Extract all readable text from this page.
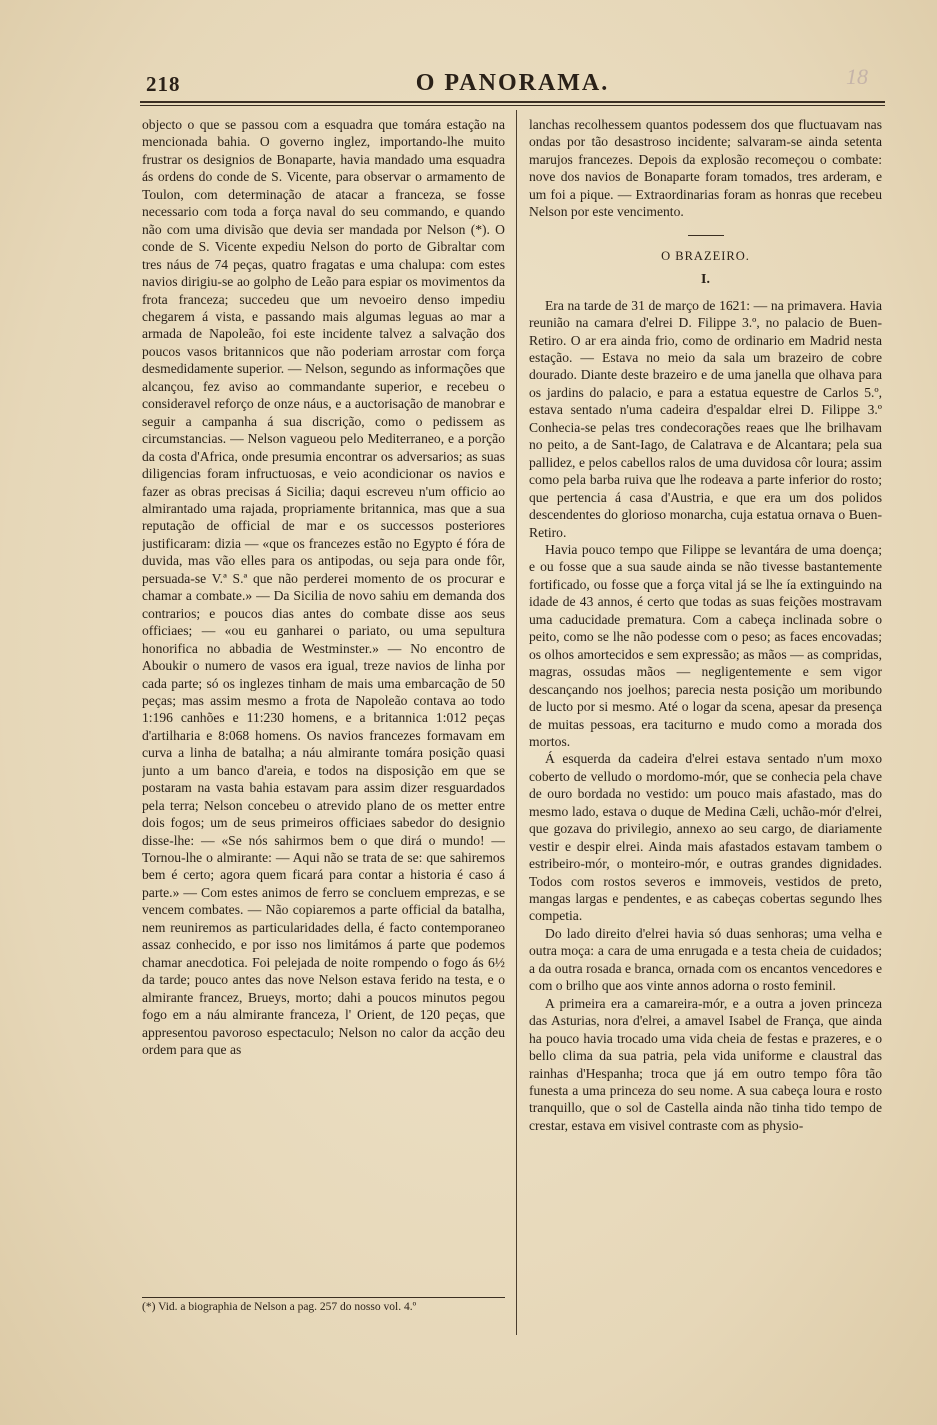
218	O PANORAMA.	18

objecto o que se passou com a esquadra que tomára estação na mencionada bahia. O governo inglez, importando-lhe muito frustrar os designios de Bonaparte, havia mandado uma esquadra ás ordens do conde de S. Vicente, para observar o armamento de Toulon, com determinação de atacar a franceza, se fosse necessario com toda a força naval do seu commando, e quando não com uma divisão que devia ser mandada por Nelson (*). O conde de S. Vicente expediu Nelson do porto de Gibraltar com tres náus de 74 peças, quatro fragatas e uma chalupa: com estes navios dirigiu-se ao golpho de Leão para espiar os movimentos da frota franceza; succedeu que um nevoeiro denso impediu chegarem á vista, e passando mais algumas leguas ao mar a armada de Napoleão, foi este incidente talvez a salvação dos poucos vasos britannicos que não poderiam arrostar com força desmedidamente superior. — Nelson, segundo as informações que alcançou, fez aviso ao commandante superior, e recebeu o consideravel reforço de onze náus, e a auctorisação de manobrar e seguir a campanha á sua discrição, como o pedissem as circumstancias. — Nelson vagueou pelo Mediterraneo, e a porção da costa d'Africa, onde presumia encontrar os adversarios; as suas diligencias foram infructuosas, e veio acondicionar os navios e fazer as obras precisas á Sicilia; daqui escreveu n'um officio ao almirantado uma rajada, propriamente britannica, mas que a sua reputação de official de mar e os successos posteriores justificaram: dizia — «que os francezes estão no Egypto é fóra de duvida, mas vão elles para os antipodas, ou seja para onde fôr, persuada-se V.ª S.ª que não perderei momento de os procurar e chamar a combate.» — Da Sicilia de novo sahiu em demanda dos contrarios; e poucos dias antes do combate disse aos seus officiaes; — «ou eu ganharei o pariato, ou uma sepultura honorifica no abbadia de Westminster.» — No encontro de Aboukir o numero de vasos era igual, treze navios de linha por cada parte; só os inglezes tinham de mais uma embarcação de 50 peças; mas assim mesmo a frota de Napoleão contava ao todo 1:196 canhões e 11:230 homens, e a britannica 1:012 peças d'artilharia e 8:068 homens. Os navios francezes formavam em curva a linha de batalha; a náu almirante tomára posição quasi junto a um banco d'areia, e todos na disposição em que se postaram na vasta bahia estavam para assim dizer resguardados pela terra; Nelson concebeu o atrevido plano de os metter entre dois fogos; um de seus primeiros officiaes sabedor do designio disse-lhe: — «Se nós sahirmos bem o que dirá o mundo! — Tornou-lhe o almirante: — Aqui não se trata de se: que sahiremos bem é certo; agora quem ficará para contar a historia é caso á parte.» — Com estes animos de ferro se concluem emprezas, e se vencem combates. — Não copiaremos a parte official da batalha, nem reuniremos as particularidades della, é facto contemporaneo assaz conhecido, e por isso nos limitámos á parte que podemos chamar anecdotica. Foi pelejada de noite rompendo o fogo ás 6½ da tarde; pouco antes das nove Nelson estava ferido na testa, e o almirante francez, Brueys, morto; dahi a poucos minutos pegou fogo em a náu almirante franceza, l' Orient, de 120 peças, que appresentou pavoroso espectaculo; Nelson no calor da acção deu ordem para que as

lanchas recolhessem quantos podessem dos que fluctuavam nas ondas por tão desastroso incidente; salvaram-se ainda setenta marujos francezes. Depois da explosão recomeçou o combate: nove dos navios de Bonaparte foram tomados, tres arderam, e um foi a pique. — Extraordinarias foram as honras que recebeu Nelson por este vencimento.

O BRAZEIRO.
I.

Era na tarde de 31 de março de 1621: — na primavera. Havia reunião na camara d'elrei D. Filippe 3.º, no palacio de Buen-Retiro. O ar era ainda frio, como de ordinario em Madrid nesta estação. — Estava no meio da sala um brazeiro de cobre dourado. Diante deste brazeiro e de uma janella que olhava para os jardins do palacio, e para a estatua equestre de Carlos 5.º, estava sentado n'uma cadeira d'espaldar elrei D. Filippe 3.º Conhecia-se pelas tres condecorações reaes que lhe brilhavam no peito, a de Sant-Iago, de Calatrava e de Alcantara; pela sua pallidez, e pelos cabellos ralos de uma duvidosa côr loura; assim como pela barba ruiva que lhe rodeava a parte inferior do rosto; que pertencia á casa d'Austria, e que era um dos polidos descendentes do glorioso monarcha, cuja estatua ornava o Buen-Retiro.

Havia pouco tempo que Filippe se levantára de uma doença; e ou fosse que a sua saude ainda se não tivesse bastantemente fortificado, ou fosse que a força vital já se lhe ía extinguindo na idade de 43 annos, é certo que todas as suas feições mostravam uma caducidade prematura. Com a cabeça inclinada sobre o peito, como se lhe não podesse com o peso; as faces encovadas; os olhos amortecidos e sem expressão; as mãos — as compridas, magras, ossudas mãos — negligentemente e sem vigor descançando nos joelhos; parecia nesta posição um moribundo de lucto por si mesmo. Até o logar da scena, apesar da presença de muitas pessoas, era taciturno e mudo como a morada dos mortos.

Á esquerda da cadeira d'elrei estava sentado n'um moxo coberto de velludo o mordomo-mór, que se conhecia pela chave de ouro bordada no vestido: um pouco mais afastado, mas do mesmo lado, estava o duque de Medina Cæli, uchão-mór d'elrei, que gozava do privilegio, annexo ao seu cargo, de diariamente vestir e despir elrei. Ainda mais afastados estavam tambem o estribeiro-mór, o monteiro-mór, e outras grandes dignidades. Todos com rostos severos e immoveis, vestidos de preto, mangas largas e pendentes, e as cabeças cobertas segundo lhes competia.

Do lado direito d'elrei havia só duas senhoras; uma velha e outra moça: a cara de uma enrugada e a testa cheia de cuidados; a da outra rosada e branca, ornada com os encantos vencedores e com o brilho que aos vinte annos adorna o rosto feminil.

A primeira era a camareira-mór, e a outra a joven princeza das Asturias, nora d'elrei, a amavel Isabel de França, que ainda ha pouco havia trocado uma vida cheia de festas e prazeres, e o bello clima da sua patria, pela vida uniforme e claustral das rainhas d'Hespanha; troca que já em outro tempo fôra tão funesta a uma princeza do seu nome. A sua cabeça loura e rosto tranquillo, que o sol de Castella ainda não tinha tido tempo de crestar, estava em visivel contraste com as physio-

(*) Vid. a biographia de Nelson a pag. 257 do nosso vol. 4.º
